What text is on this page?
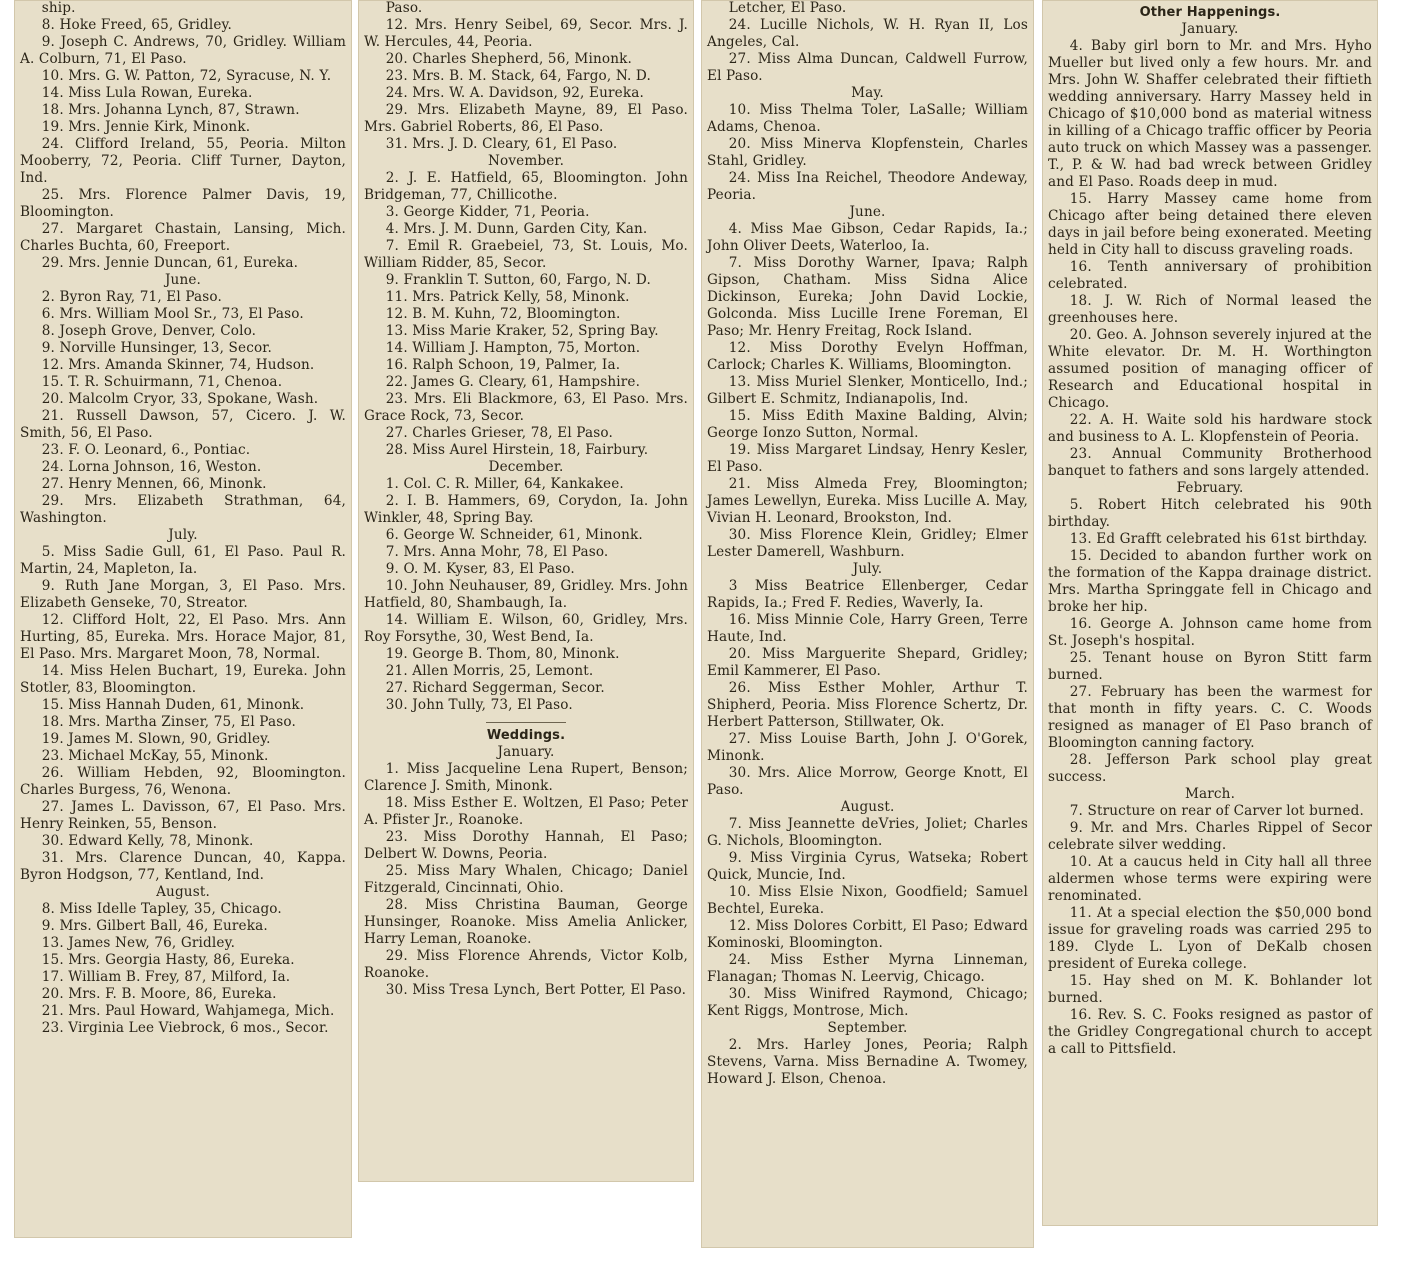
ship.

8. Hoke Freed, 65, Gridley.

9. Joseph C. Andrews, 70, Gridley. William A. Colburn, 71, El Paso.

10. Mrs. G. W. Patton, 72, Syracuse, N. Y.

14. Miss Lula Rowan, Eureka.

18. Mrs. Johanna Lynch, 87, Strawn.

19. Mrs. Jennie Kirk, Minonk.

24. Clifford Ireland, 55, Peoria. Milton Mooberry, 72, Peoria. Cliff Turner, Dayton, Ind.

25. Mrs. Florence Palmer Davis, 19, Bloomington.

27. Margaret Chastain, Lansing, Mich. Charles Buchta, 60, Freeport.

29. Mrs. Jennie Duncan, 61, Eureka.

June.

2. Byron Ray, 71, El Paso.

6. Mrs. William Mool Sr., 73, El Paso.

8. Joseph Grove, Denver, Colo.

9. Norville Hunsinger, 13, Secor.

12. Mrs. Amanda Skinner, 74, Hudson.

15. T. R. Schuirmann, 71, Chenoa.

20. Malcolm Cryor, 33, Spokane, Wash.

21. Russell Dawson, 57, Cicero. J. W. Smith, 56, El Paso.

23. F. O. Leonard, 6., Pontiac.

24. Lorna Johnson, 16, Weston.

27. Henry Mennen, 66, Minonk.

29. Mrs. Elizabeth Strathman, 64, Washington.

July.

5. Miss Sadie Gull, 61, El Paso. Paul R. Martin, 24, Mapleton, Ia.

9. Ruth Jane Morgan, 3, El Paso. Mrs. Elizabeth Genseke, 70, Streator.

12. Clifford Holt, 22, El Paso. Mrs. Ann Hurting, 85, Eureka. Mrs. Horace Major, 81, El Paso. Mrs. Margaret Moon, 78, Normal.

14. Miss Helen Buchart, 19, Eureka. John Stotler, 83, Bloomington.

15. Miss Hannah Duden, 61, Minonk.

18. Mrs. Martha Zinser, 75, El Paso.

19. James M. Slown, 90, Gridley.

23. Michael McKay, 55, Minonk.

26. William Hebden, 92, Bloomington. Charles Burgess, 76, Wenona.

27. James L. Davisson, 67, El Paso. Mrs. Henry Reinken, 55, Benson.

30. Edward Kelly, 78, Minonk.

31. Mrs. Clarence Duncan, 40, Kappa. Byron Hodgson, 77, Kentland, Ind.

August.

8. Miss Idelle Tapley, 35, Chicago.

9. Mrs. Gilbert Ball, 46, Eureka.

13. James New, 76, Gridley.

15. Mrs. Georgia Hasty, 86, Eureka.

17. William B. Frey, 87, Milford, Ia.

20. Mrs. F. B. Moore, 86, Eureka.

21. Mrs. Paul Howard, Wahjamega, Mich.

23. Virginia Lee Viebrock, 6 mos., Secor.

Paso.

12. Mrs. Henry Seibel, 69, Secor. Mrs. J. W. Hercules, 44, Peoria.

20. Charles Shepherd, 56, Minonk.

23. Mrs. B. M. Stack, 64, Fargo, N. D.

24. Mrs. W. A. Davidson, 92, Eureka.

29. Mrs. Elizabeth Mayne, 89, El Paso. Mrs. Gabriel Roberts, 86, El Paso.

31. Mrs. J. D. Cleary, 61, El Paso.

November.

2. J. E. Hatfield, 65, Bloomington. John Bridgeman, 77, Chillicothe.

3. George Kidder, 71, Peoria.

4. Mrs. J. M. Dunn, Garden City, Kan.

7. Emil R. Graebeiel, 73, St. Louis, Mo. William Ridder, 85, Secor.

9. Franklin T. Sutton, 60, Fargo, N. D.

11. Mrs. Patrick Kelly, 58, Minonk.

12. B. M. Kuhn, 72, Bloomington.

13. Miss Marie Kraker, 52, Spring Bay.

14. William J. Hampton, 75, Morton.

16. Ralph Schoon, 19, Palmer, Ia.

22. James G. Cleary, 61, Hampshire.

23. Mrs. Eli Blackmore, 63, El Paso. Mrs. Grace Rock, 73, Secor.

27. Charles Grieser, 78, El Paso.

28. Miss Aurel Hirstein, 18, Fairbury.

December.

1. Col. C. R. Miller, 64, Kankakee.

2. I. B. Hammers, 69, Corydon, Ia. John Winkler, 48, Spring Bay.

6. George W. Schneider, 61, Minonk.

7. Mrs. Anna Mohr, 78, El Paso.

9. O. M. Kyser, 83, El Paso.

10. John Neuhauser, 89, Gridley. Mrs. John Hatfield, 80, Shambaugh, Ia.

14. William E. Wilson, 60, Gridley, Mrs. Roy Forsythe, 30, West Bend, Ia.

19. George B. Thom, 80, Minonk.

21. Allen Morris, 25, Lemont.

27. Richard Seggerman, Secor.

30. John Tully, 73, El Paso.

Weddings.

January.

1. Miss Jacqueline Lena Rupert, Benson; Clarence J. Smith, Minonk.

18. Miss Esther E. Woltzen, El Paso; Peter A. Pfister Jr., Roanoke.

23. Miss Dorothy Hannah, El Paso; Delbert W. Downs, Peoria.

25. Miss Mary Whalen, Chicago; Daniel Fitzgerald, Cincinnati, Ohio.

28. Miss Christina Bauman, George Hunsinger, Roanoke. Miss Amelia Anlicker, Harry Leman, Roanoke.

29. Miss Florence Ahrends, Victor Kolb, Roanoke.

30. Miss Tresa Lynch, Bert Potter, El Paso.

Letcher, El Paso.

24. Lucille Nichols, W. H. Ryan II, Los Angeles, Cal.

27. Miss Alma Duncan, Caldwell Furrow, El Paso.

May.

10. Miss Thelma Toler, LaSalle; William Adams, Chenoa.

20. Miss Minerva Klopfenstein, Charles Stahl, Gridley.

24. Miss Ina Reichel, Theodore Andeway, Peoria.

June.

4. Miss Mae Gibson, Cedar Rapids, Ia.; John Oliver Deets, Waterloo, Ia.

7. Miss Dorothy Warner, Ipava; Ralph Gipson, Chatham. Miss Sidna Alice Dickinson, Eureka; John David Lockie, Golconda. Miss Lucille Irene Foreman, El Paso; Mr. Henry Freitag, Rock Island.

12. Miss Dorothy Evelyn Hoffman, Carlock; Charles K. Williams, Bloomington.

13. Miss Muriel Slenker, Monticello, Ind.; Gilbert E. Schmitz, Indianapolis, Ind.

15. Miss Edith Maxine Balding, Alvin; George Ionzo Sutton, Normal.

19. Miss Margaret Lindsay, Henry Kesler, El Paso.

21. Miss Almeda Frey, Bloomington; James Lewellyn, Eureka. Miss Lucille A. May, Vivian H. Leonard, Brookston, Ind.

30. Miss Florence Klein, Gridley; Elmer Lester Damerell, Washburn.

July.

3 Miss Beatrice Ellenberger, Cedar Rapids, Ia.; Fred F. Redies, Waverly, Ia.

16. Miss Minnie Cole, Harry Green, Terre Haute, Ind.

20. Miss Marguerite Shepard, Gridley; Emil Kammerer, El Paso.

26. Miss Esther Mohler, Arthur T. Shipherd, Peoria. Miss Florence Schertz, Dr. Herbert Patterson, Stillwater, Ok.

27. Miss Louise Barth, John J. O'Gorek, Minonk.

30. Mrs. Alice Morrow, George Knott, El Paso.

August.

7. Miss Jeannette deVries, Joliet; Charles G. Nichols, Bloomington.

9. Miss Virginia Cyrus, Watseka; Robert Quick, Muncie, Ind.

10. Miss Elsie Nixon, Goodfield; Samuel Bechtel, Eureka.

12. Miss Dolores Corbitt, El Paso; Edward Kominoski, Bloomington.

24. Miss Esther Myrna Linneman, Flanagan; Thomas N. Leervig, Chicago.

30. Miss Winifred Raymond, Chicago; Kent Riggs, Montrose, Mich.

September.

2. Mrs. Harley Jones, Peoria; Ralph Stevens, Varna. Miss Bernadine A. Twomey, Howard J. Elson, Chenoa.

Other Happenings.

January.

4. Baby girl born to Mr. and Mrs. Hyho Mueller but lived only a few hours. Mr. and Mrs. John W. Shaffer celebrated their fiftieth wedding anniversary. Harry Massey held in Chicago of $10,000 bond as material witness in killing of a Chicago traffic officer by Peoria auto truck on which Massey was a passenger. T., P. & W. had bad wreck between Gridley and El Paso. Roads deep in mud.

15. Harry Massey came home from Chicago after being detained there eleven days in jail before being exonerated. Meeting held in City hall to discuss graveling roads.

16. Tenth anniversary of prohibition celebrated.

18. J. W. Rich of Normal leased the greenhouses here.

20. Geo. A. Johnson severely injured at the White elevator. Dr. M. H. Worthington assumed position of managing officer of Research and Educational hospital in Chicago.

22. A. H. Waite sold his hardware stock and business to A. L. Klopfenstein of Peoria.

23. Annual Community Brotherhood banquet to fathers and sons largely attended.

February.

5. Robert Hitch celebrated his 90th birthday.

13. Ed Grafft celebrated his 61st birthday.

15. Decided to abandon further work on the formation of the Kappa drainage district. Mrs. Martha Springgate fell in Chicago and broke her hip.

16. George A. Johnson came home from St. Joseph's hospital.

25. Tenant house on Byron Stitt farm burned.

27. February has been the warmest for that month in fifty years. C. C. Woods resigned as manager of El Paso branch of Bloomington canning factory.

28. Jefferson Park school play great success.

March.

7. Structure on rear of Carver lot burned.

9. Mr. and Mrs. Charles Rippel of Secor celebrate silver wedding.

10. At a caucus held in City hall all three aldermen whose terms were expiring were renominated.

11. At a special election the $50,000 bond issue for graveling roads was carried 295 to 189. Clyde L. Lyon of DeKalb chosen president of Eureka college.

15. Hay shed on M. K. Bohlander lot burned.

16. Rev. S. C. Fooks resigned as pastor of the Gridley Congregational church to accept a call to Pittsfield.
